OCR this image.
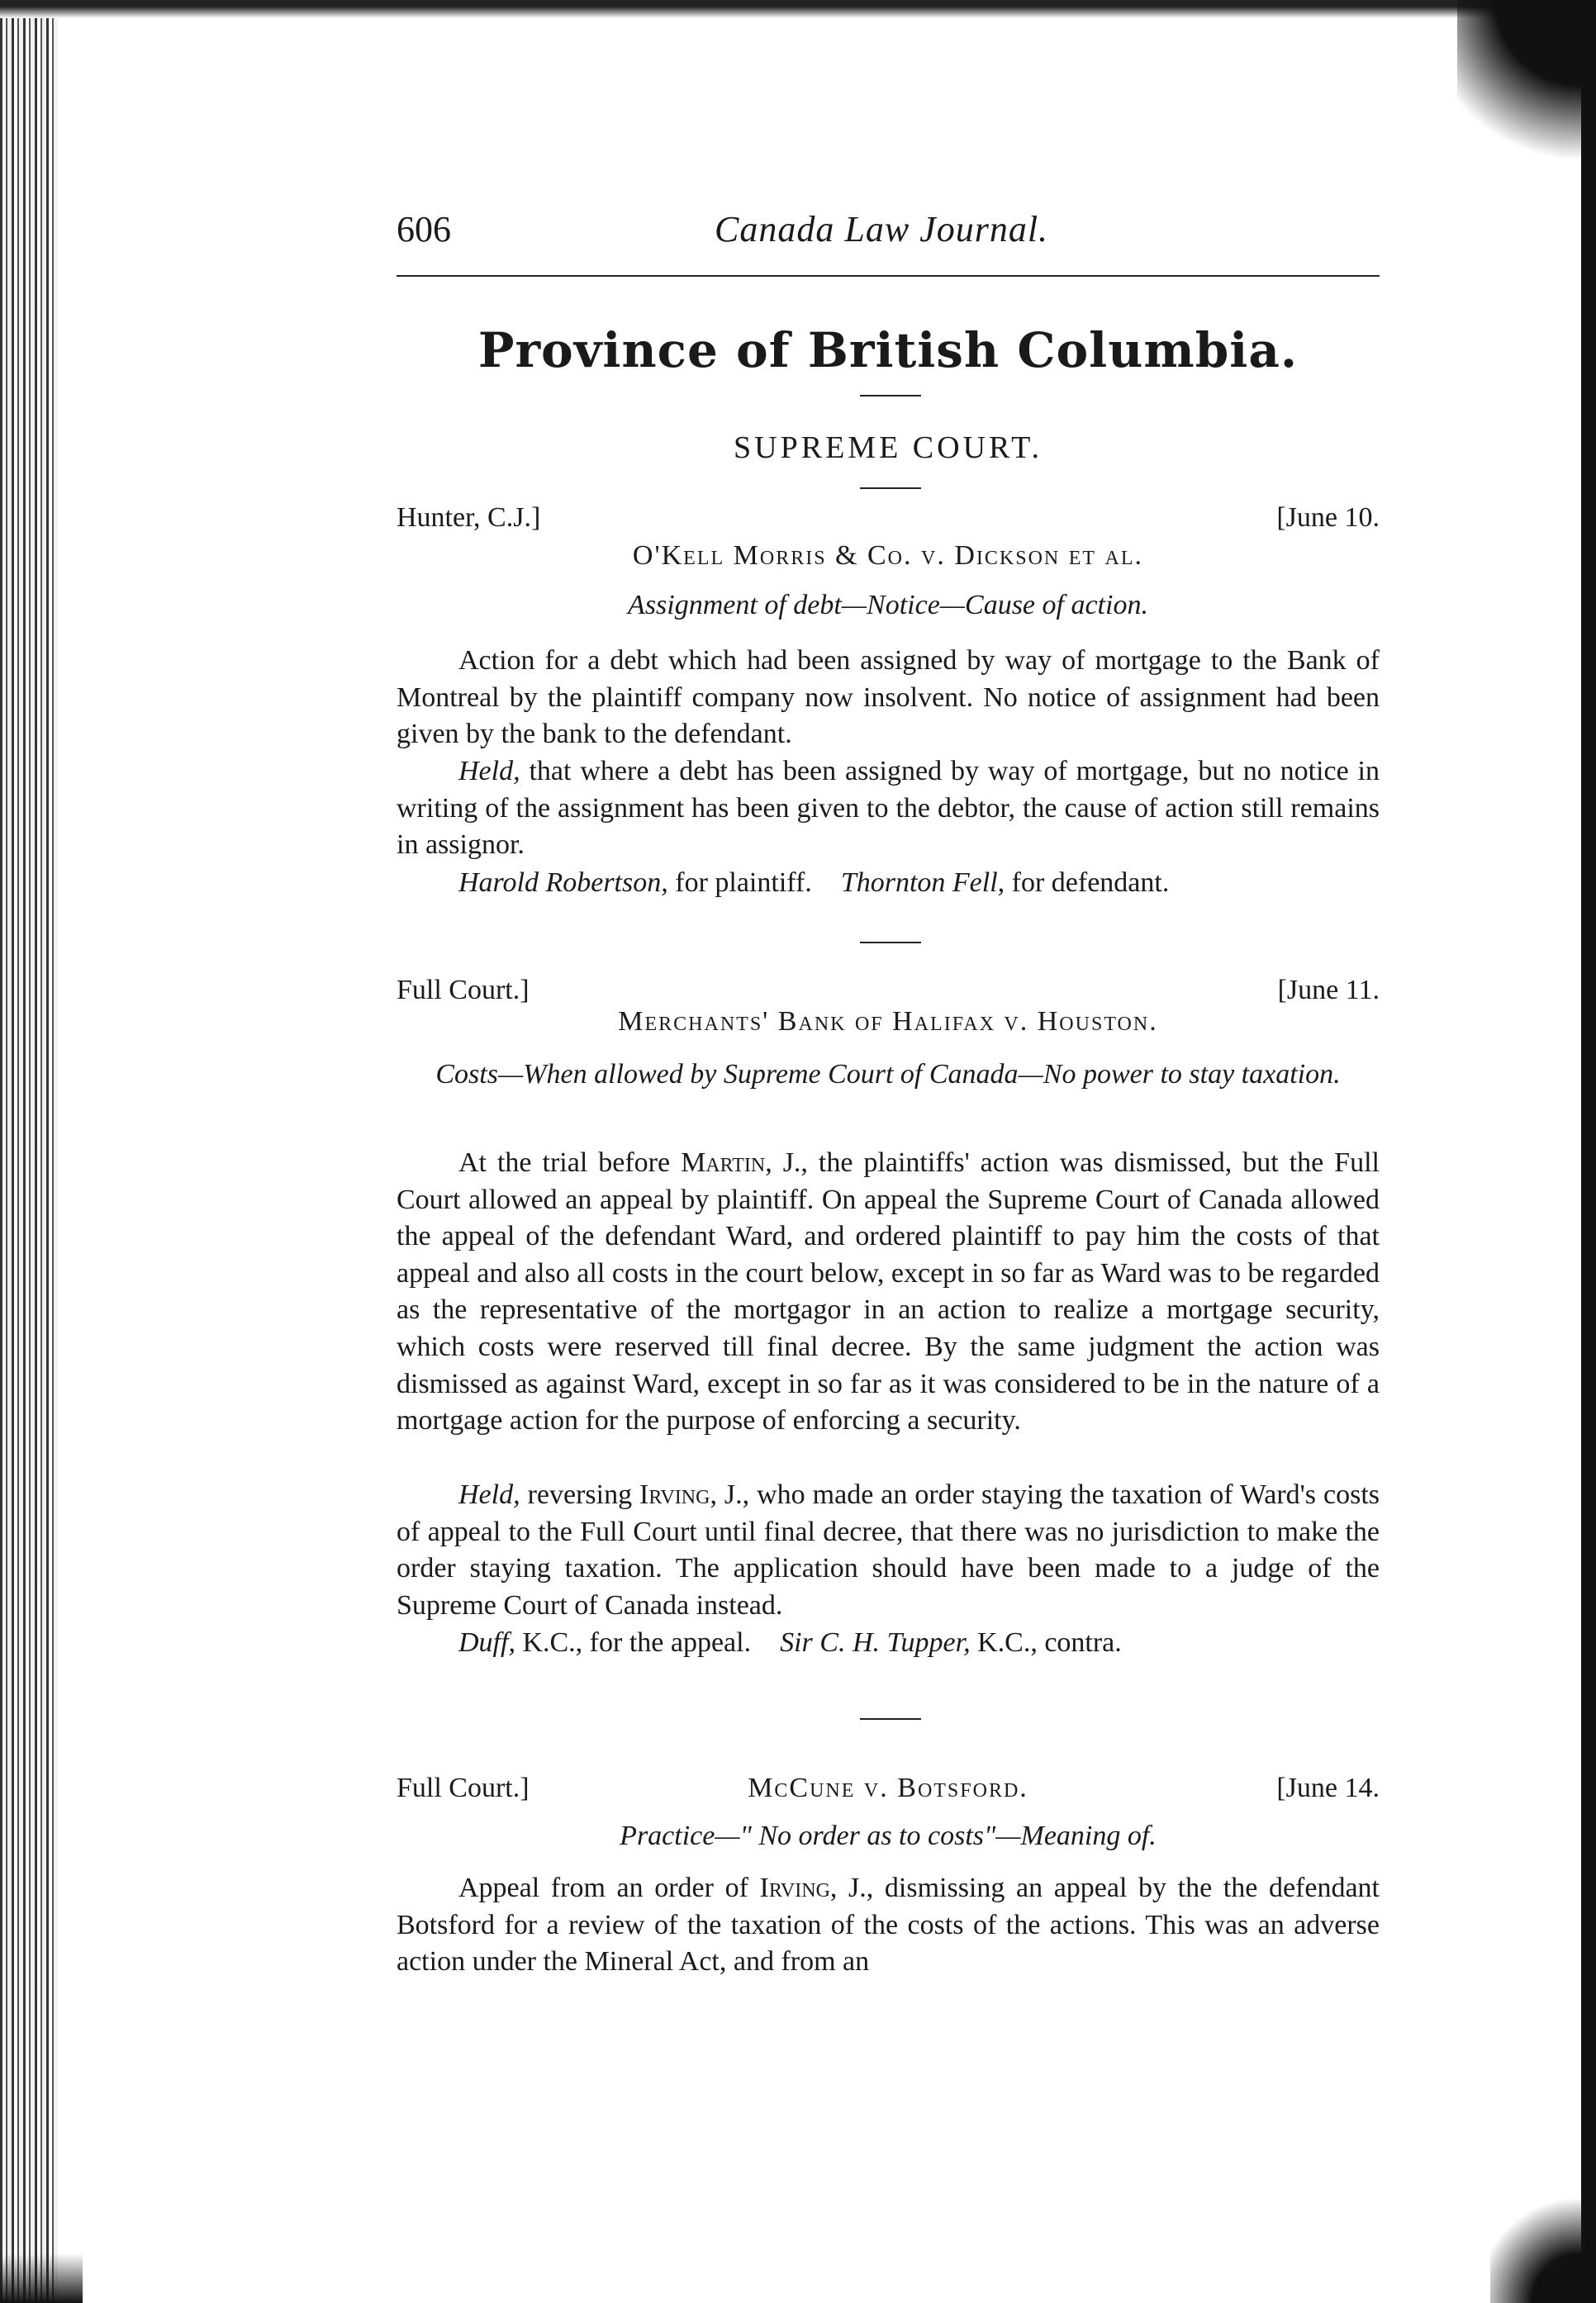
606	Canada Law Journal.
Province of British Columbia.
SUPREME COURT.
Hunter, C.J.]	[June 10.
O'Kell Morris & Co. v. Dickson et al.
Assignment of debt—Notice—Cause of action.

Action for a debt which had been assigned by way of mortgage to the Bank of Montreal by the plaintiff company now insolvent. No notice of assignment had been given by the bank to the defendant.

Held, that where a debt has been assigned by way of mortgage, but no notice in writing of the assignment has been given to the debtor, the cause of action still remains in assignor.

Harold Robertson, for plaintiff. Thornton Fell, for defendant.
Full Court.]	[June 11.
Merchants' Bank of Halifax v. Houston.
Costs—When allowed by Supreme Court of Canada—No power to stay taxation.

At the trial before Martin, J., the plaintiffs' action was dismissed, but the Full Court allowed an appeal by plaintiff. On appeal the Supreme Court of Canada allowed the appeal of the defendant Ward, and ordered plaintiff to pay him the costs of that appeal and also all costs in the court below, except in so far as Ward was to be regarded as the representative of the mortgagor in an action to realize a mortgage security, which costs were reserved till final decree. By the same judgment the action was dismissed as against Ward, except in so far as it was considered to be in the nature of a mortgage action for the purpose of enforcing a security.

Held, reversing Irving, J., who made an order staying the taxation of Ward's costs of appeal to the Full Court until final decree, that there was no jurisdiction to make the order staying taxation. The application should have been made to a judge of the Supreme Court of Canada instead.

Duff, K.C., for the appeal. Sir C. H. Tupper, K.C., contra.
Full Court.]	McCune v. Botsford.	[June 14.
Practice—" No order as to costs"—Meaning of.

Appeal from an order of Irving, J., dismissing an appeal by the the defendant Botsford for a review of the taxation of the costs of the actions. This was an adverse action under the Mineral Act, and from an
